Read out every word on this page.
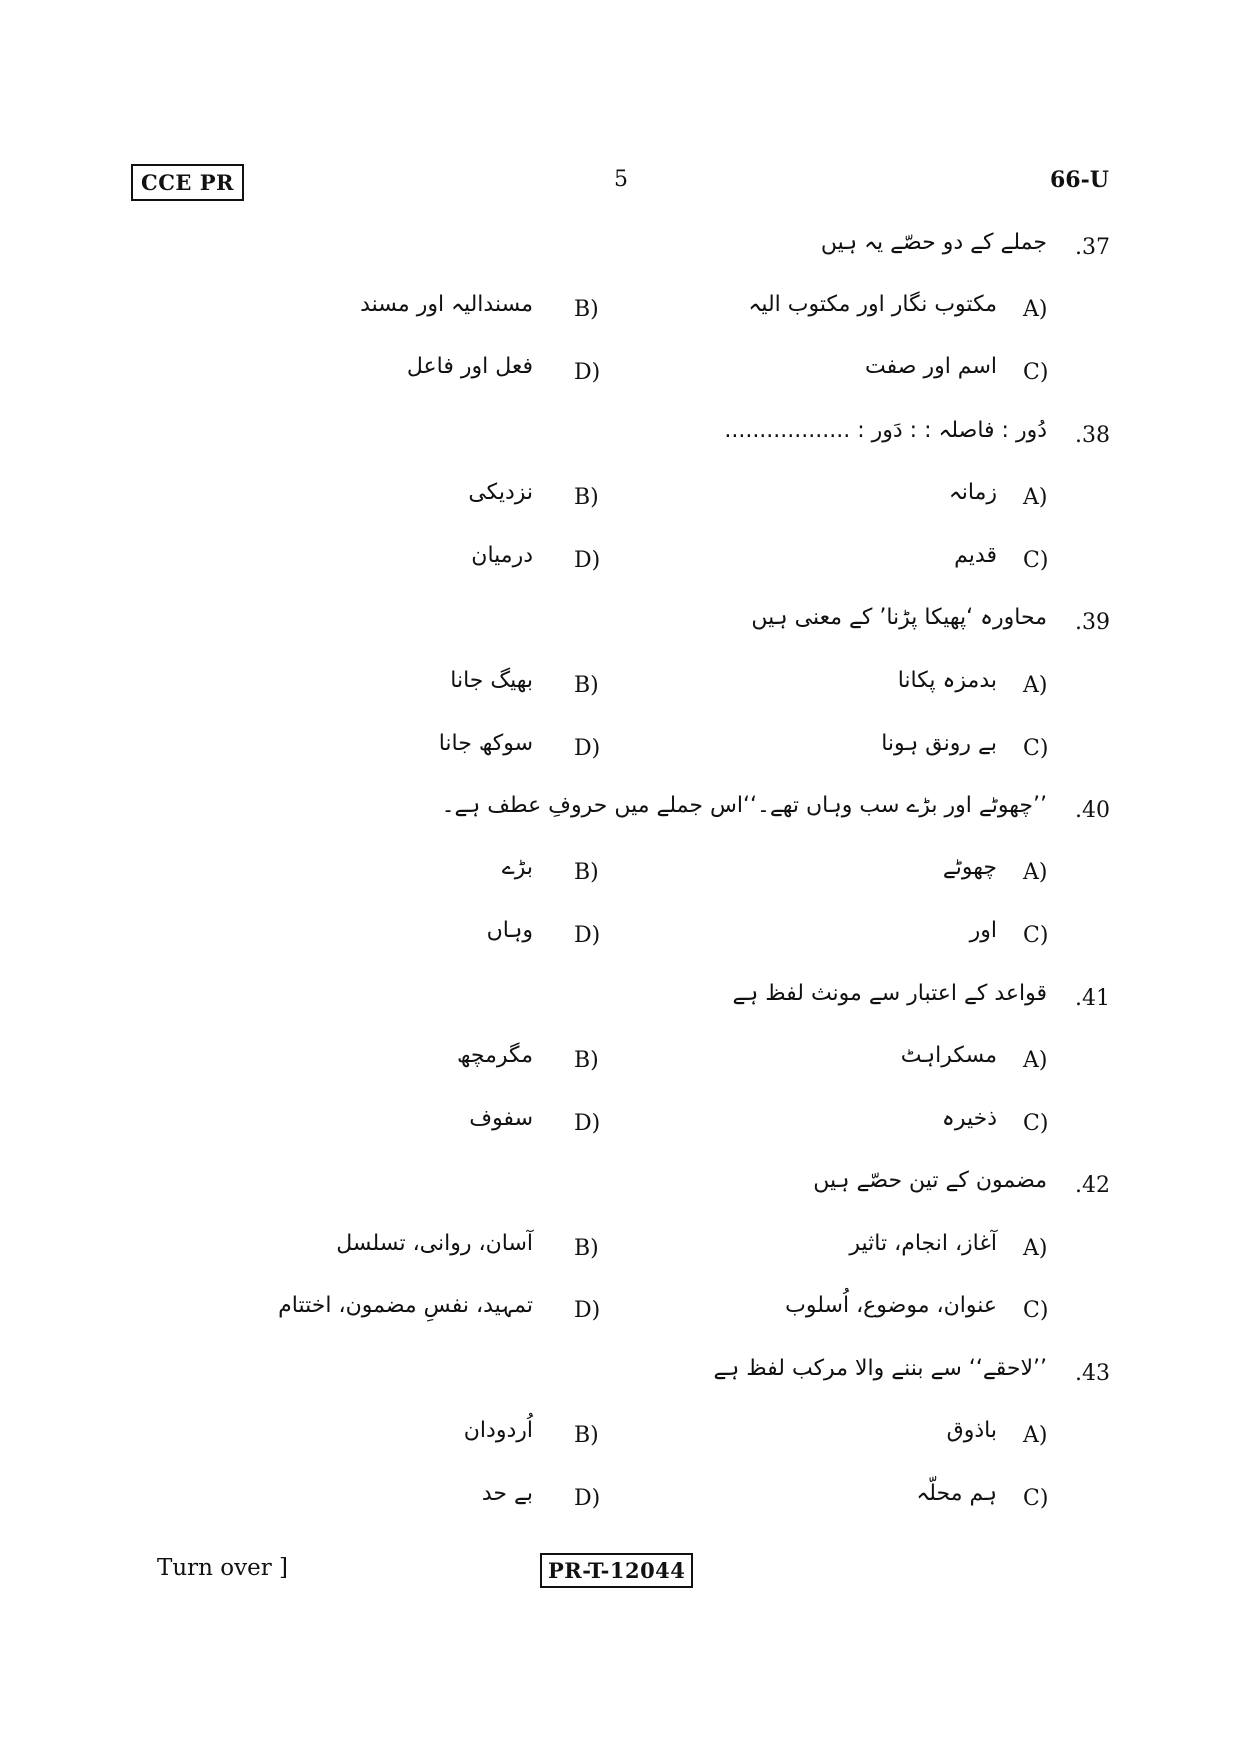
CCE PR	5	66-U
.37
جملے کے دو حصّے یہ ہیں
A)
مکتوب نگار اور مکتوب الیہ
B)
مسندالیہ اور مسند
C)
اسم اور صفت
D)
فعل اور فاعل
.38
دُور : فاصلہ : : دَور : ..................
A)
زمانہ
B)
نزدیکی
C)
قدیم
D)
درمیان
.39
محاورہ ‘پھیکا پڑنا’ کے معنی ہیں
A)
بدمزہ پکانا
B)
بھیگ جانا
C)
بے رونق ہونا
D)
سوکھ جانا
.40
’’چھوٹے اور بڑے سب وہاں تھے۔‘‘اس جملے میں حروفِ عطف ہے۔
A)
چھوٹے
B)
بڑے
C)
اور
D)
وہاں
.41
قواعد کے اعتبار سے مونث لفظ ہے
A)
مسکراہٹ
B)
مگرمچھ
C)
ذخیرہ
D)
سفوف
.42
مضمون کے تین حصّے ہیں
A)
آغاز، انجام، تاثیر
B)
آسان، روانی، تسلسل
C)
عنوان، موضوع، اُسلوب
D)
تمہید، نفسِ مضمون، اختتام
.43
’’لاحقے‘‘ سے بننے والا مرکب لفظ ہے
A)
باذوق
B)
اُردودان
C)
ہم محلّہ
D)
بے حد
Turn over ]	PR-T-12044
